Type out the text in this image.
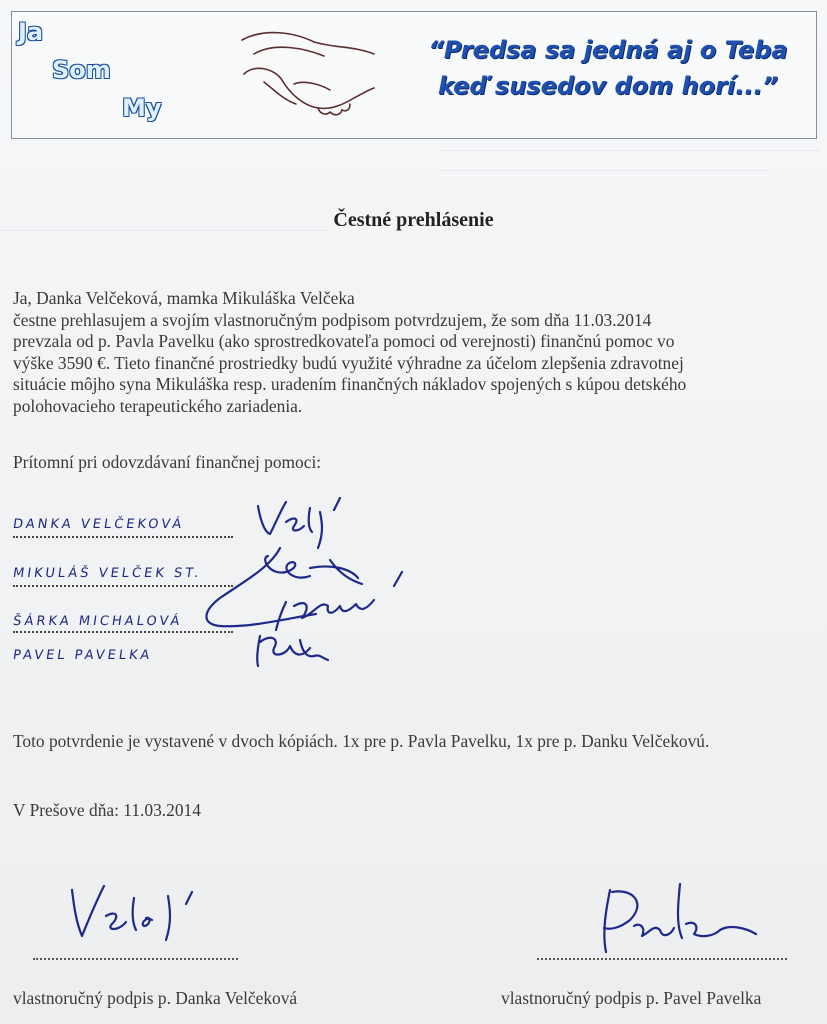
Ja
Som
My
“Predsa sa jedná aj o Teba
keď susedov dom horí...”
Čestné prehlásenie
Ja, Danka Velčeková, mamka Mikuláška Velčeka
čestne prehlasujem a svojím vlastnoručným podpisom potvrdzujem, že som dňa 11.03.2014
prevzala od p. Pavla Pavelku (ako sprostredkovateľa pomoci od verejnosti) finančnú pomoc vo
výške 3590 €. Tieto finančné prostriedky budú využité výhradne za účelom zlepšenia zdravotnej
situácie môjho syna Mikuláška resp. uradením finančných nákladov spojených s kúpou detského
polohovacieho terapeutického zariadenia.
Prítomní pri odovzdávaní finančnej pomoci:
DANKA VELČEKOVÁ
MIKULÁŠ VELČEK ST.
ŠÁRKA MICHALOVÁ
PAVEL PAVELKA
Toto potvrdenie je vystavené v dvoch kópiách. 1x pre p. Pavla Pavelku, 1x pre p. Danku Velčekovú.
V Prešove dňa: 11.03.2014
vlastnoručný podpis p. Danka Velčeková	vlastnoručný podpis p. Pavel Pavelka
